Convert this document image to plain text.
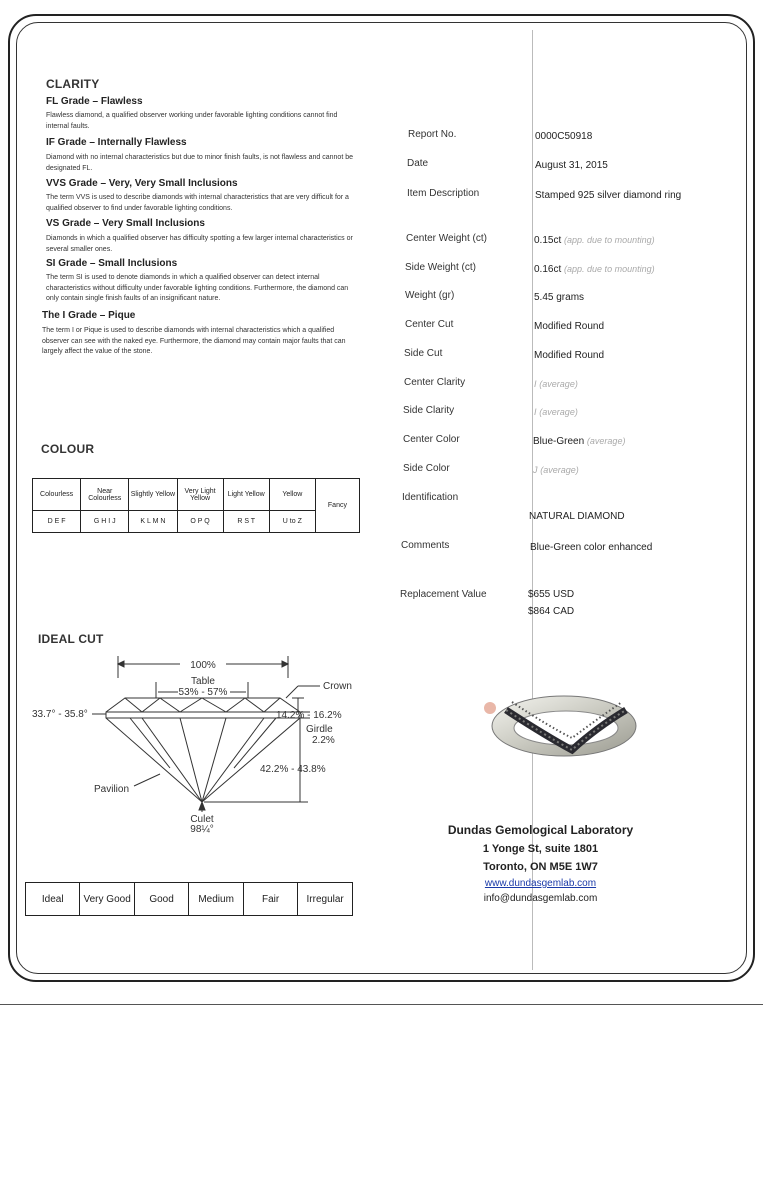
CLARITY
FL Grade – Flawless
Flawless diamond, a qualified observer working under favorable lighting conditions cannot find internal faults.
IF Grade – Internally Flawless
Diamond with no internal characteristics but due to minor finish faults, is not flawless and cannot be designated FL.
VVS Grade – Very, Very Small Inclusions
The term VVS is used to describe diamonds with internal characteristics that are very difficult for a qualified observer to find under favorable lighting conditions.
VS Grade – Very Small Inclusions
Diamonds in which a qualified observer has difficulty spotting a few larger internal characteristics or several smaller ones.
SI Grade – Small Inclusions
The term SI is used to denote diamonds in which a qualified observer can detect internal characteristics without difficulty under favorable lighting conditions. Furthermore, the diamond can only contain single finish faults of an insignificant nature.
The I Grade – Pique
The term I or Pique is used to describe diamonds with internal characteristics which a qualified observer can see with the naked eye. Furthermore, the diamond may contain major faults that can largely affect the value of the stone.
COLOUR
Colourless	Near Colourless	Slightly Yellow	Very Light Yellow	Light Yellow	Yellow	Fancy
D E F	G H I J	K L M N	O P Q	R S T	U to Z	
IDEAL CUT
100%
Table
53% - 57%
Crown
33.7° - 35.8°	14.2% - 16.2%
Girdle
2.2%
42.2% - 43.8%
Pavilion
Culet
98¼°
Ideal	Very Good	Good	Medium	Fair	Irregular
Report No.	0000C50918
Date	August 31, 2015
Item Description	Stamped 925 silver diamond ring
Center Weight (ct)	0.15ct (app. due to mounting)
Side Weight (ct)	0.16ct (app. due to mounting)
Weight (gr)	5.45 grams
Center Cut	Modified Round
Side Cut	Modified Round
Center Clarity	I (average)
Side Clarity	I (average)
Center Color	Blue-Green (average)
Side Color	J (average)
Identification
NATURAL DIAMOND
Comments	Blue-Green color enhanced
Replacement Value	$655 USD
$864 CAD
Dundas Gemological Laboratory
1 Yonge St, suite 1801
Toronto, ON M5E 1W7
www.dundasgemlab.com
info@dundasgemlab.com
